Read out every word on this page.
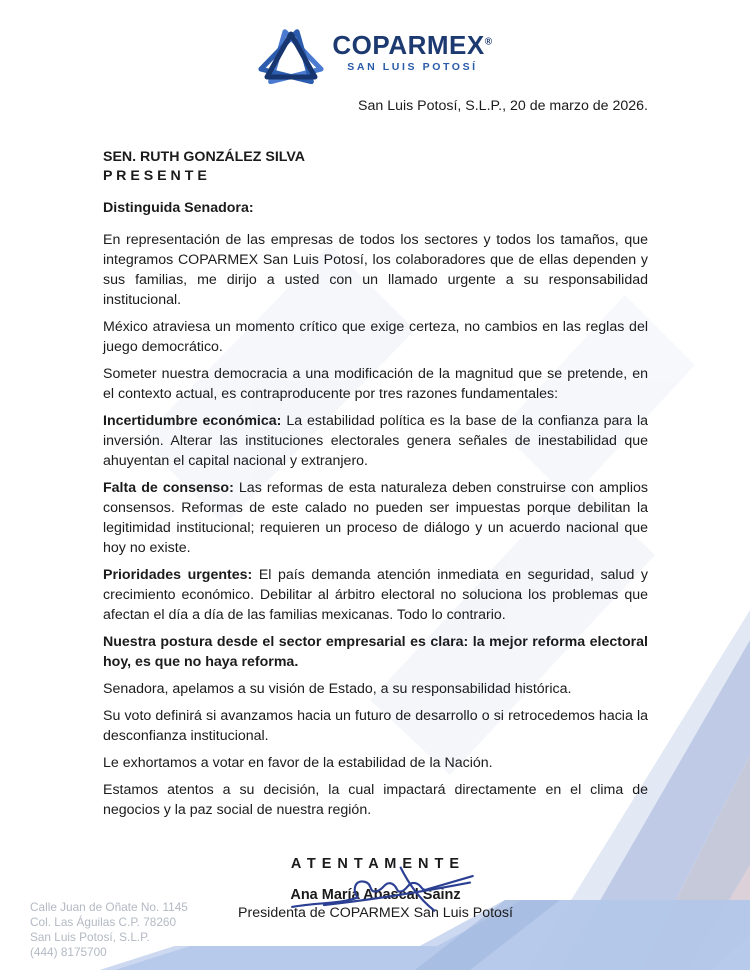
COPARMEX®
SAN LUIS POTOSÍ
San Luis Potosí, S.L.P., 20 de marzo de 2026.
SEN. RUTH GONZÁLEZ SILVA
P R E S E N T E
Distinguida Senadora:

En representación de las empresas de todos los sectores y todos los tamaños, que integramos COPARMEX San Luis Potosí, los colaboradores que de ellas dependen y sus familias, me dirijo a usted con un llamado urgente a su responsabilidad institucional.

México atraviesa un momento crítico que exige certeza, no cambios en las reglas del juego democrático.

Someter nuestra democracia a una modificación de la magnitud que se pretende, en el contexto actual, es contraproducente por tres razones fundamentales:

Incertidumbre económica: La estabilidad política es la base de la confianza para la inversión. Alterar las instituciones electorales genera señales de inestabilidad que ahuyentan el capital nacional y extranjero.

Falta de consenso: Las reformas de esta naturaleza deben construirse con amplios consensos. Reformas de este calado no pueden ser impuestas porque debilitan la legitimidad institucional; requieren un proceso de diálogo y un acuerdo nacional que hoy no existe.

Prioridades urgentes: El país demanda atención inmediata en seguridad, salud y crecimiento económico. Debilitar al árbitro electoral no soluciona los problemas que afectan el día a día de las familias mexicanas. Todo lo contrario.

Nuestra postura desde el sector empresarial es clara: la mejor reforma electoral hoy, es que no haya reforma.

Senadora, apelamos a su visión de Estado, a su responsabilidad histórica.

Su voto definirá si avanzamos hacia un futuro de desarrollo o si retrocedemos hacia la desconfianza institucional.

Le exhortamos a votar en favor de la estabilidad de la Nación.

Estamos atentos a su decisión, la cual impactará directamente en el clima de negocios y la paz social de nuestra región.

A T E N T A M E N T E
Ana María Abascal Sainz
Presidenta de COPARMEX San Luis Potosí
Calle Juan de Oñate No. 1145
Col. Las Águilas C.P. 78260
San Luis Potosí, S.L.P.
(444) 8175700
